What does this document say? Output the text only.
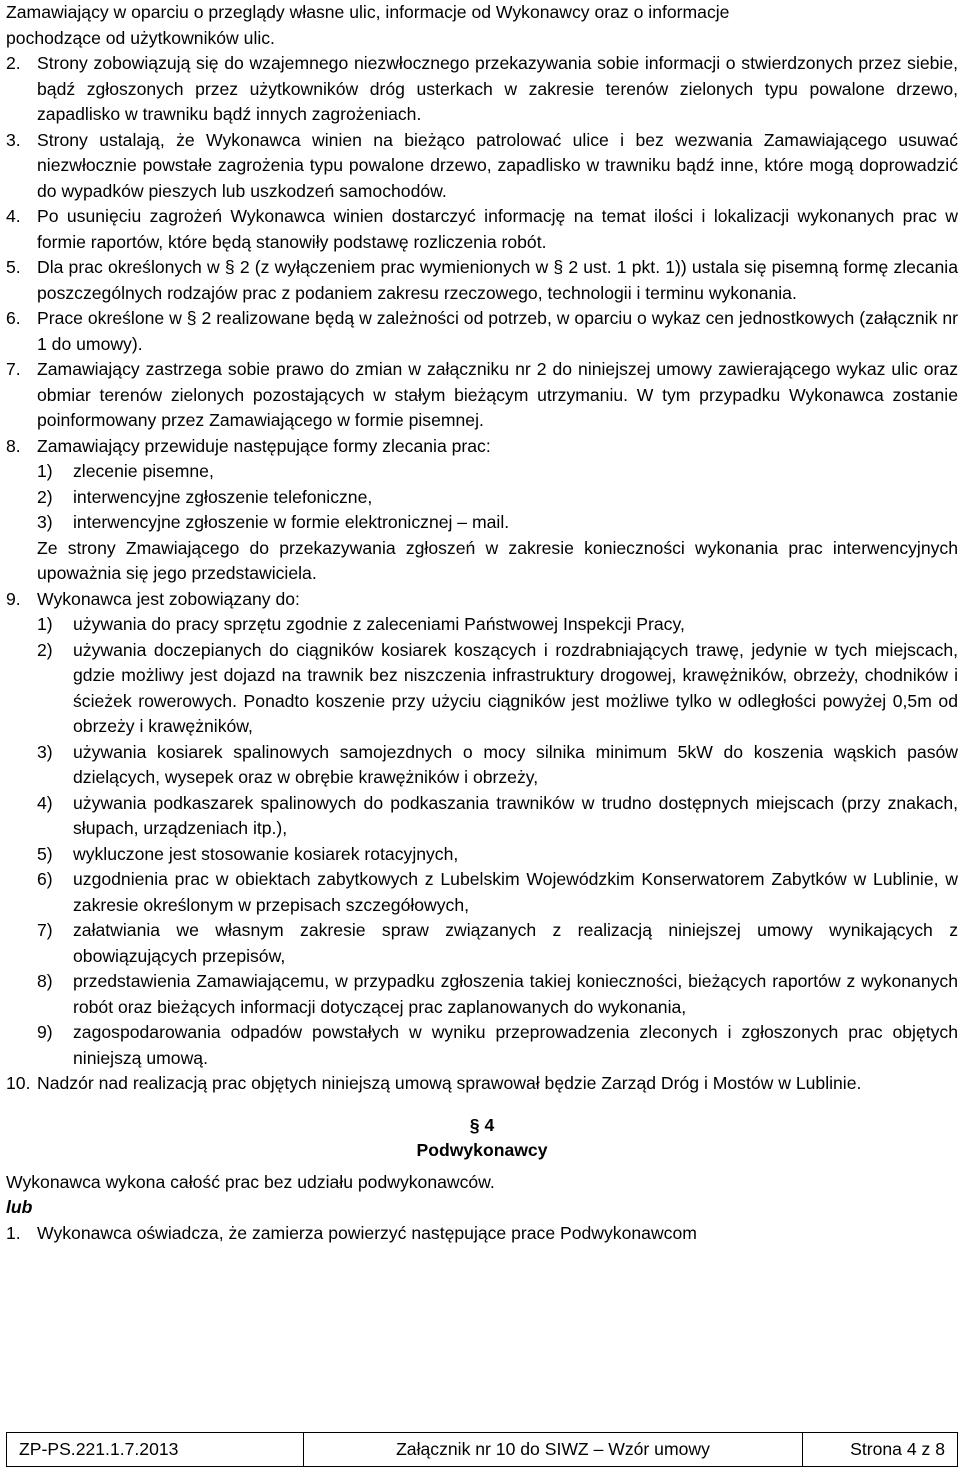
Zamawiający w oparciu o przeglądy własne ulic, informacje od Wykonawcy oraz o informacje
pochodzące od użytkowników ulic.

2. Strony zobowiązują się do wzajemnego niezwłocznego przekazywania sobie informacji o stwierdzonych przez siebie, bądź zgłoszonych przez użytkowników dróg usterkach w zakresie terenów zielonych typu powalone drzewo, zapadlisko w trawniku bądź innych zagrożeniach.
3. Strony ustalają, że Wykonawca winien na bieżąco patrolować ulice i bez wezwania Zamawiającego usuwać niezwłocznie powstałe zagrożenia typu powalone drzewo, zapadlisko w trawniku bądź inne, które mogą doprowadzić do wypadków pieszych lub uszkodzeń samochodów.
4. Po usunięciu zagrożeń Wykonawca winien dostarczyć informację na temat ilości i lokalizacji wykonanych prac w formie raportów, które będą stanowiły podstawę rozliczenia robót.
5. Dla prac określonych w § 2 (z wyłączeniem prac wymienionych w § 2 ust. 1 pkt. 1)) ustala się pisemną formę zlecania poszczególnych rodzajów prac z podaniem zakresu rzeczowego, technologii i terminu wykonania.
6. Prace określone w § 2 realizowane będą w zależności od potrzeb, w oparciu o wykaz cen jednostkowych (załącznik nr 1 do umowy).
7. Zamawiający zastrzega sobie prawo do zmian w załączniku nr 2 do niniejszej umowy zawierającego wykaz ulic oraz obmiar terenów zielonych pozostających w stałym bieżącym utrzymaniu. W tym przypadku Wykonawca zostanie poinformowany przez Zamawiającego w formie pisemnej.
8. Zamawiający przewiduje następujące formy zlecania prac:
1) zlecenie pisemne,
2) interwencyjne zgłoszenie telefoniczne,
3) interwencyjne zgłoszenie w formie elektronicznej – mail.

Ze strony Zmawiającego do przekazywania zgłoszeń w zakresie konieczności wykonania prac interwencyjnych upoważnia się jego przedstawiciela.

9. Wykonawca jest zobowiązany do:
1) używania do pracy sprzętu zgodnie z zaleceniami Państwowej Inspekcji Pracy,
2) używania doczepianych do ciągników kosiarek koszących i rozdrabniających trawę, jedynie w tych miejscach, gdzie możliwy jest dojazd na trawnik bez niszczenia infrastruktury drogowej, krawężników, obrzeży, chodników i ścieżek rowerowych. Ponadto koszenie przy użyciu ciągników jest możliwe tylko w odległości powyżej 0,5m od obrzeży i krawężników,
3) używania kosiarek spalinowych samojezdnych o mocy silnika minimum 5kW do koszenia wąskich pasów dzielących, wysepek oraz w obrębie krawężników i obrzeży,
4) używania podkaszarek spalinowych do podkaszania trawników w trudno dostępnych miejscach (przy znakach, słupach, urządzeniach itp.),
5) wykluczone jest stosowanie kosiarek rotacyjnych,
6) uzgodnienia prac w obiektach zabytkowych z Lubelskim Wojewódzkim Konserwatorem Zabytków w Lublinie, w zakresie określonym w przepisach szczegółowych,
7) załatwiania we własnym zakresie spraw związanych z realizacją niniejszej umowy wynikających z obowiązujących przepisów,
8) przedstawienia Zamawiającemu, w przypadku zgłoszenia takiej konieczności, bieżących raportów z wykonanych robót oraz bieżących informacji dotyczącej prac zaplanowanych do wykonania,
9) zagospodarowania odpadów powstałych w wyniku przeprowadzenia zleconych i zgłoszonych prac objętych niniejszą umową.
10. Nadzór nad realizacją prac objętych niniejszą umową sprawował będzie Zarząd Dróg i Mostów w Lublinie.

§ 4
Podwykonawcy

Wykonawca wykona całość prac bez udziału podwykonawców.

lub

1. Wykonawca oświadcza, że zamierza powierzyć następujące prace Podwykonawcom
ZP-PS.221.1.7.2013	Załącznik nr 10 do SIWZ – Wzór umowy	Strona 4 z 8
